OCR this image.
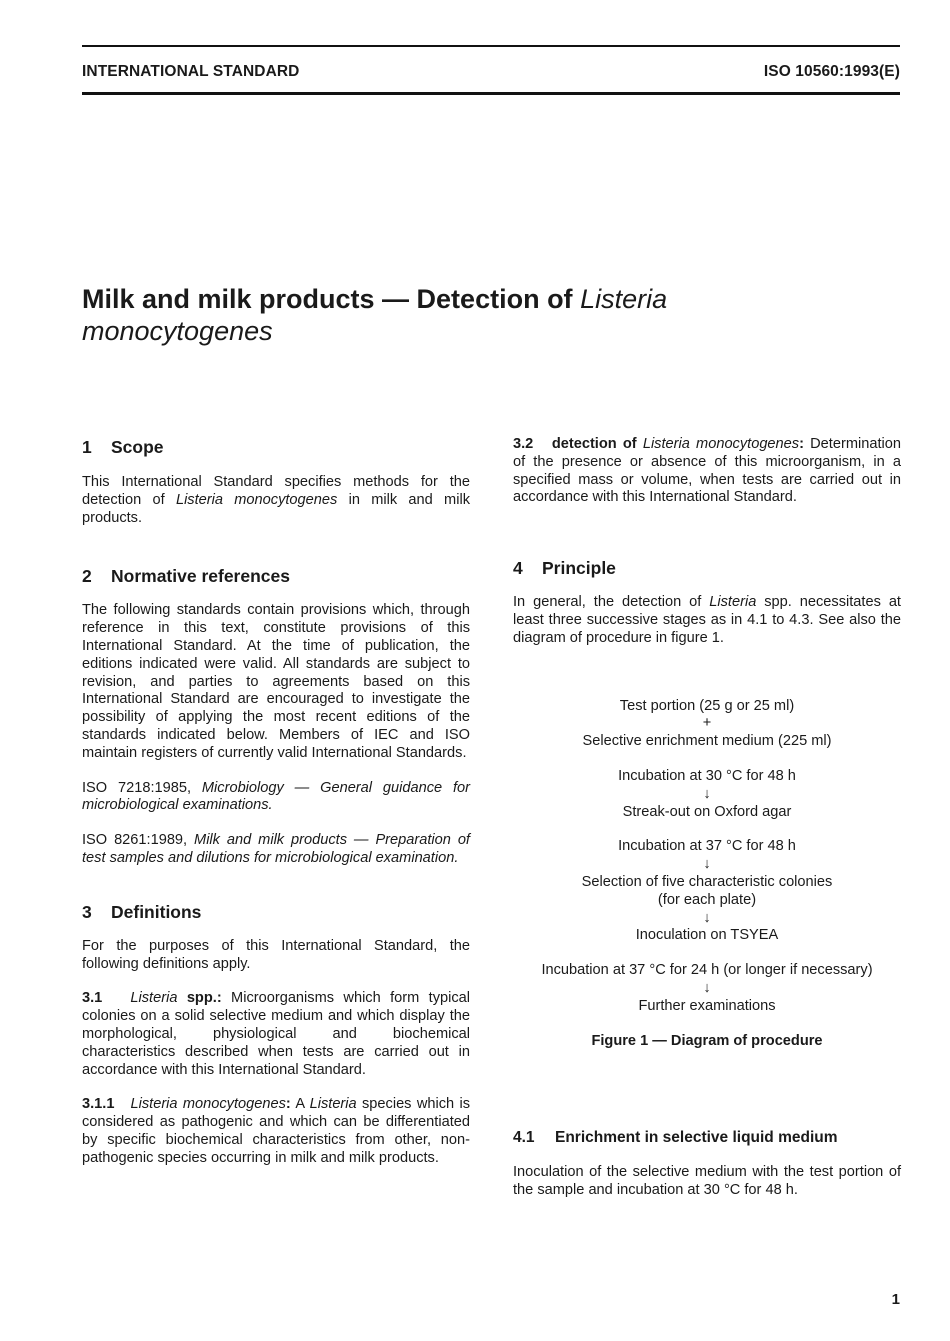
INTERNATIONAL STANDARD	ISO 10560:1993(E)
Milk and milk products — Detection of Listeria
monocytogenes
1 Scope

This International Standard specifies methods for the detection of Listeria monocytogenes in milk and milk products.

2 Normative references

The following standards contain provisions which, through reference in this text, constitute provisions of this International Standard. At the time of publication, the editions indicated were valid. All standards are subject to revision, and parties to agreements based on this International Standard are encouraged to investigate the possibility of applying the most recent editions of the standards indicated below. Members of IEC and ISO maintain registers of currently valid International Standards.

ISO 7218:1985, Microbiology — General guidance for microbiological examinations.

ISO 8261:1989, Milk and milk products — Preparation of test samples and dilutions for microbiological examination.

3 Definitions

For the purposes of this International Standard, the following definitions apply.

3.1 Listeria spp.: Microorganisms which form typical colonies on a solid selective medium and which display the morphological, physiological and biochemical characteristics described when tests are carried out in accordance with this International Standard.

3.1.1 Listeria monocytogenes: A Listeria species which is considered as pathogenic and which can be differentiated by specific biochemical characteristics from other, non-pathogenic species occurring in milk and milk products.

3.2 detection of Listeria monocytogenes: Determination of the presence or absence of this microorganism, in a specified mass or volume, when tests are carried out in accordance with this International Standard.

4 Principle

In general, the detection of Listeria spp. necessitates at least three successive stages as in 4.1 to 4.3. See also the diagram of procedure in figure 1.

Test portion (25 g or 25 ml)
+
Selective enrichment medium (225 ml)
Incubation at 30 °C for 48 h
↓
Streak-out on Oxford agar
Incubation at 37 °C for 48 h
↓
Selection of five characteristic colonies
(for each plate)
↓
Inoculation on TSYEA
Incubation at 37 °C for 24 h (or longer if necessary)
↓
Further examinations
Figure 1 — Diagram of procedure
4.1 Enrichment in selective liquid medium

Inoculation of the selective medium with the test portion of the sample and incubation at 30 °C for 48 h.

1
